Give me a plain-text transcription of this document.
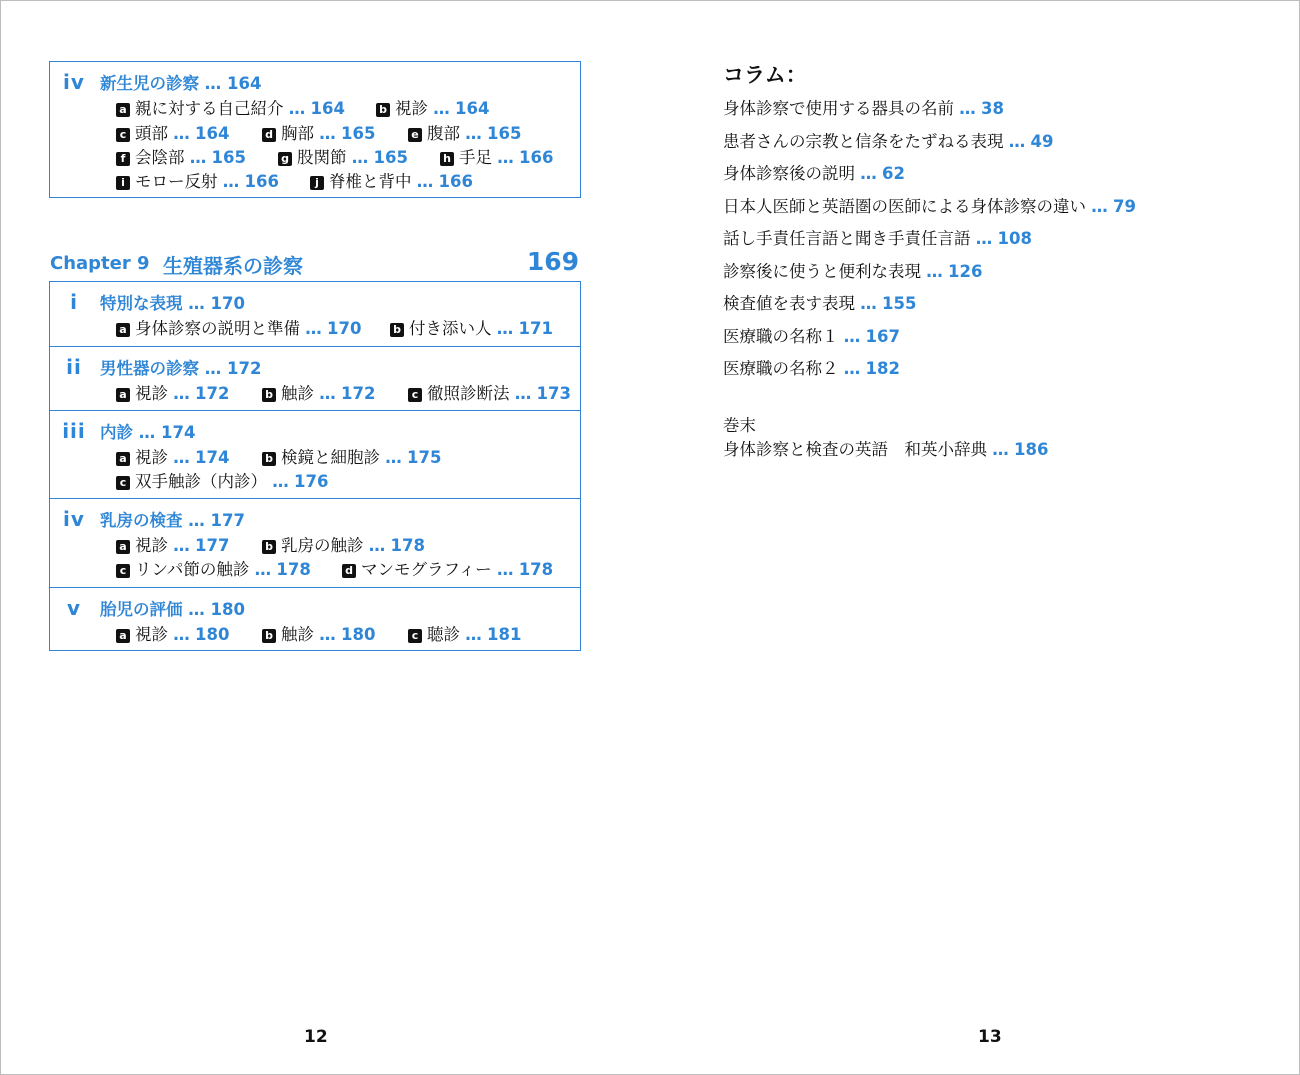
iv 新生児の診察 … 164
a 親に対する自己紹介 … 164	b 視診 … 164
c 頭部 … 164	d 胸部 … 165	e 腹部 … 165
f 会陰部 … 165	g 股関節 … 165	h 手足 … 166
i モロー反射 … 166	j 脊椎と背中 … 166
Chapter 9 生殖器系の診察	169
i	特別な表現 … 170
a 身体診察の説明と準備 … 170	b 付き添い人 … 171
ii	男性器の診察 … 172
a 視診 … 172	b 触診 … 172	c 徹照診断法 … 173
iii 内診 … 174
a 視診 … 174	b 検鏡と細胞診 … 175
c 双手触診（内診） … 176
iv 乳房の検査 … 177
a 視診 … 177	b 乳房の触診 … 178
c リンパ節の触診 … 178	d マンモグラフィー … 178
v	胎児の評価 … 180
a 視診 … 180	b 触診 … 180	c 聴診 … 181
コラム：
身体診察で使用する器具の名前 … 38
患者さんの宗教と信条をたずねる表現 … 49
身体診察後の説明 … 62
日本人医師と英語圏の医師による身体診察の違い … 79
話し手責任言語と聞き手責任言語 … 108
診察後に使うと便利な表現 … 126
検査値を表す表現 … 155
医療職の名称１ … 167
医療職の名称２ … 182
巻末
身体診察と検査の英語　和英小辞典 … 186
12	13
